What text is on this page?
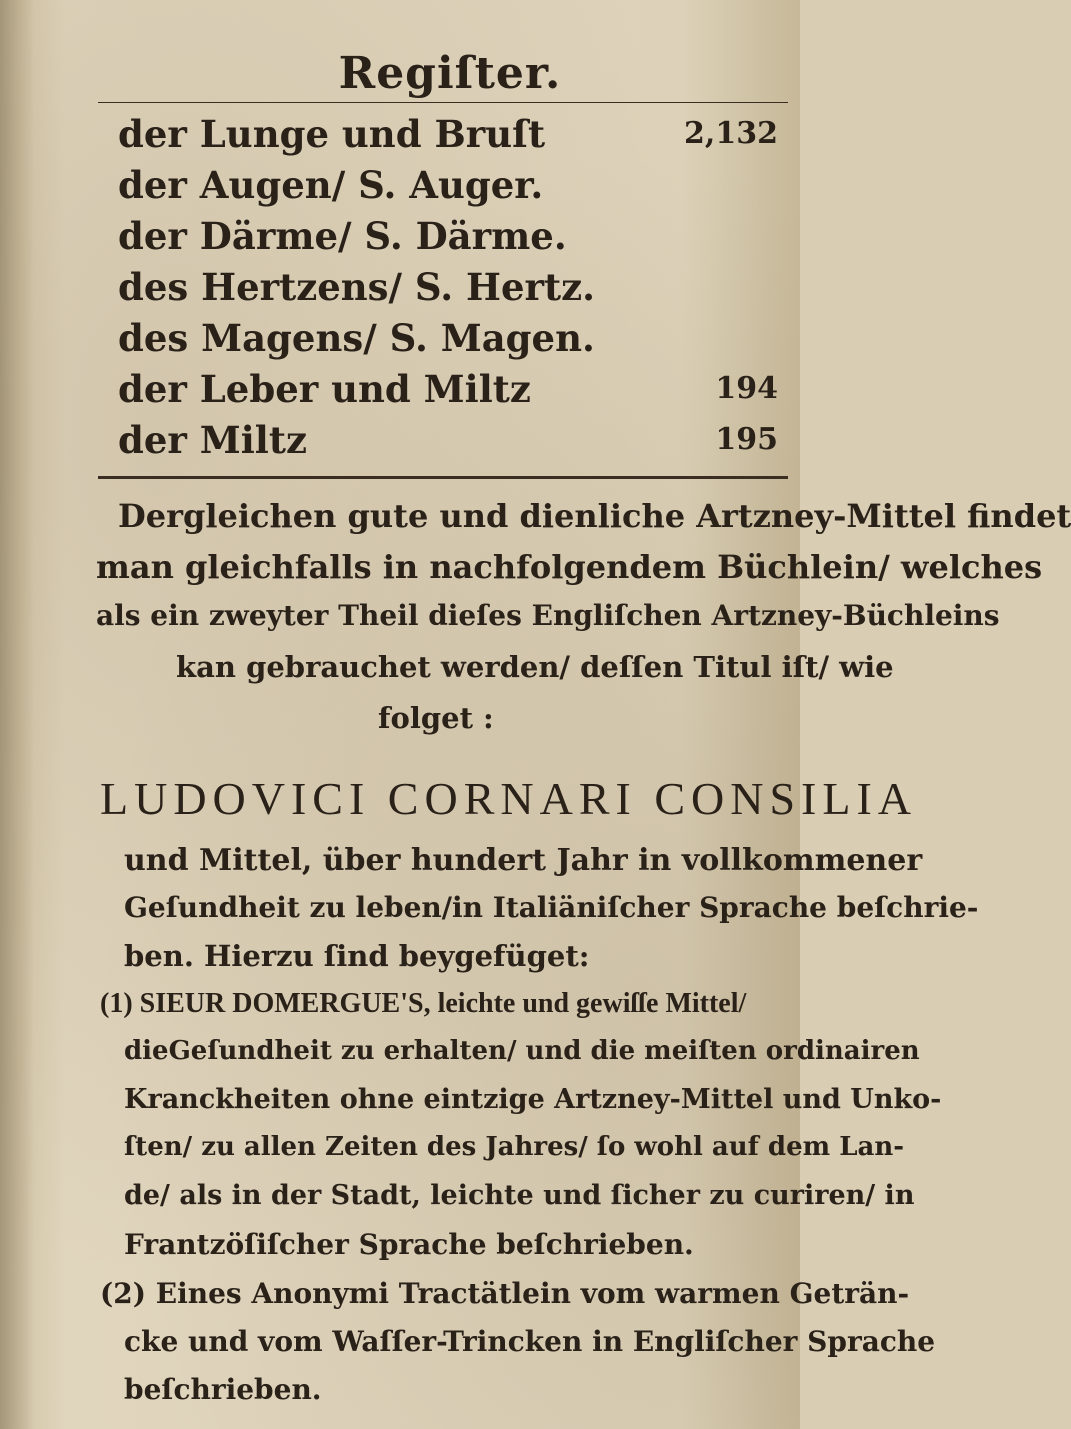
Regiſter.
der Lunge und Bruſt	2,132
der Augen/ S. Auger.
der Därme/ S. Därme.
des Hertzens/ S. Hertz.
des Magens/ S. Magen.
der Leber und Miltz	194
der Miltz	195
Dergleichen gute und dienliche Artzney-Mittel findet
man gleichfalls in nachfolgendem Büchlein/ welches
als ein zweyter Theil dieſes Engliſchen Artzney-Büchleins
kan gebrauchet werden/ deſſen Titul iſt/ wie
folget :
LUDOVICI CORNARI CONSILIA
und Mittel, über hundert Jahr in vollkommener
Geſundheit zu leben/in Italiäniſcher Sprache beſchrie-
ben. Hierzu ſind beygefüget:
(1) SIEUR DOMERGUE'S, leichte und gewiſſe Mittel/
dieGeſundheit zu erhalten/ und die meiſten ordinairen
Kranckheiten ohne eintzige Artzney-Mittel und Unko-
ſten/ zu allen Zeiten des Jahres/ ſo wohl auf dem Lan-
de/ als in der Stadt, leichte und ſicher zu curiren/ in
Frantzöſiſcher Sprache beſchrieben.
(2) Eines Anonymi Tractätlein vom warmen Geträn-
cke und vom Waſſer-Trincken in Engliſcher Sprache
beſchrieben.
